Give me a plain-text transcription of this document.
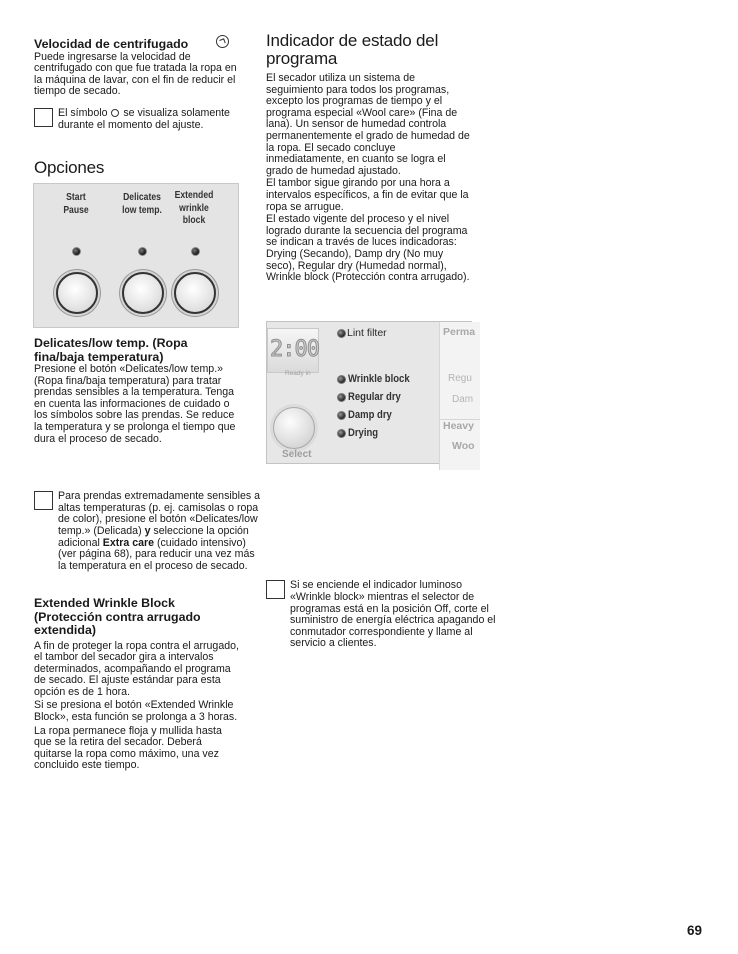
Velocidad de centrifugado

Puede ingresarse la velocidad de centrifugado con que fue tratada la ropa en la máquina de lavar, con el fin de reducir el tiempo de secado.

El símbolo se visualiza solamente durante el momento del ajuste.

Opciones
Start Pause
Delicates low temp.
Extended wrinkle block
Delicates/low temp. (Ropa fina/baja temperatura)

Presione el botón «Delicates/low temp.» (Ropa fina/baja temperatura) para tratar prendas sensibles a la temperatura. Tenga en cuenta las informaciones de cuidado o los símbolos sobre las prendas. Se reduce la temperatura y se prolonga el tiempo que dura el proceso de secado.

Para prendas extremadamente sensibles a altas temperaturas (p. ej. camisolas o ropa de color), presione el botón «Delicates/low temp.» (Delicada) y seleccione la opción adicional Extra care (cuidado intensivo) (ver página 68), para reducir una vez más la temperatura en el proceso de secado.

Extended Wrinkle Block (Protección contra arrugado extendida)

A fin de proteger la ropa contra el arrugado, el tambor del secador gira a intervalos determinados, acompañando el programa de secado. El ajuste estándar para esta opción es de 1 hora.

Si se presiona el botón «Extended Wrinkle Block», esta función se prolonga a 3 horas.

La ropa permanece floja y mullida hasta que se la retira del secador. Deberá quitarse la ropa como máximo, una vez concluido este tiempo.

Indicador de estado del programa

El secador utiliza un sistema de seguimiento para todos los programas, excepto los programas de tiempo y el programa especial «Wool care» (Fina de lana). Un sensor de humedad controla permanentemente el grado de humedad de la ropa. El secado concluye inmediatamente, en cuanto se logra el grado de humedad ajustado.

El tambor sigue girando por una hora a intervalos específicos, a fin de evitar que la ropa se arrugue.

El estado vigente del proceso y el nivel logrado durante la secuencia del programa se indican a través de luces indicadoras: Drying (Secando), Damp dry (No muy seco), Regular dry (Humedad normal), Wrinkle block (Protección contra arrugado).

2:00
Ready in
Select
Lint filter
Wrinkle block
Regular dry
Damp dry
Drying
Perma
Regu
Dam
Heavy
Woo

Si se enciende el indicador luminoso «Wrinkle block» mientras el selector de programas está en la posición Off, corte el suministro de energía eléctrica apagando el conmutador correspondiente y llame al servicio a clientes.

69
